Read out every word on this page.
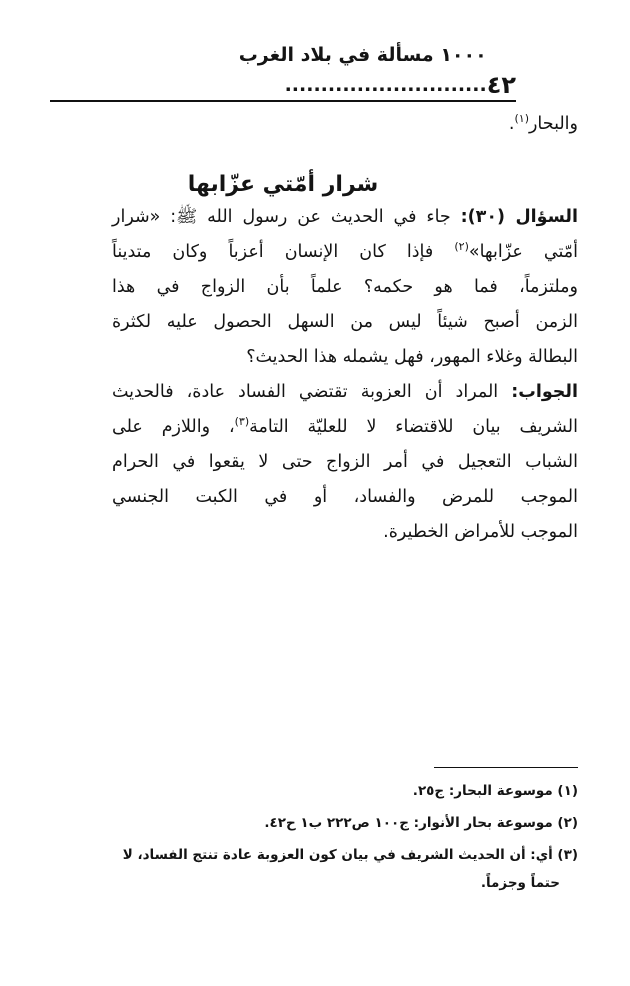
٤٢
١٠٠٠ مسألة في بلاد الغرب ............................
والبحار$^{(١)}$.
شرار أمّتي عزّابها
السؤال (٣٠): جاء في الحديث عن رسول الله ﷺ: «شرار
أمّتي عزّابها»$^{(٢)}$ فإذا كان الإنسان أعزباً وكان متديناً
وملتزماً، فما هو حكمه؟ علماً بأن الزواج في هذا
الزمن أصبح شيئاً ليس من السهل الحصول عليه لكثرة
البطالة وغلاء المهور، فهل يشمله هذا الحديث؟
الجواب: المراد أن العزوبة تقتضي الفساد عادة، فالحديث
الشريف بيان للاقتضاء لا للعليّة التامة$^{(٣)}$، واللازم على
الشباب التعجيل في أمر الزواج حتى لا يقعوا في الحرام
الموجب للمرض والفساد، أو في الكبت الجنسي
الموجب للأمراض الخطيرة.
(١) موسوعة البحار: ج٢٥.
(٢) موسوعة بحار الأنوار: ج١٠٠ ص٢٢٢ ب١ ح٤٢.
(٣) أي: أن الحديث الشريف في بيان كون العزوبة عادة تنتج الفساد، لا
حتماً وجزماً.
